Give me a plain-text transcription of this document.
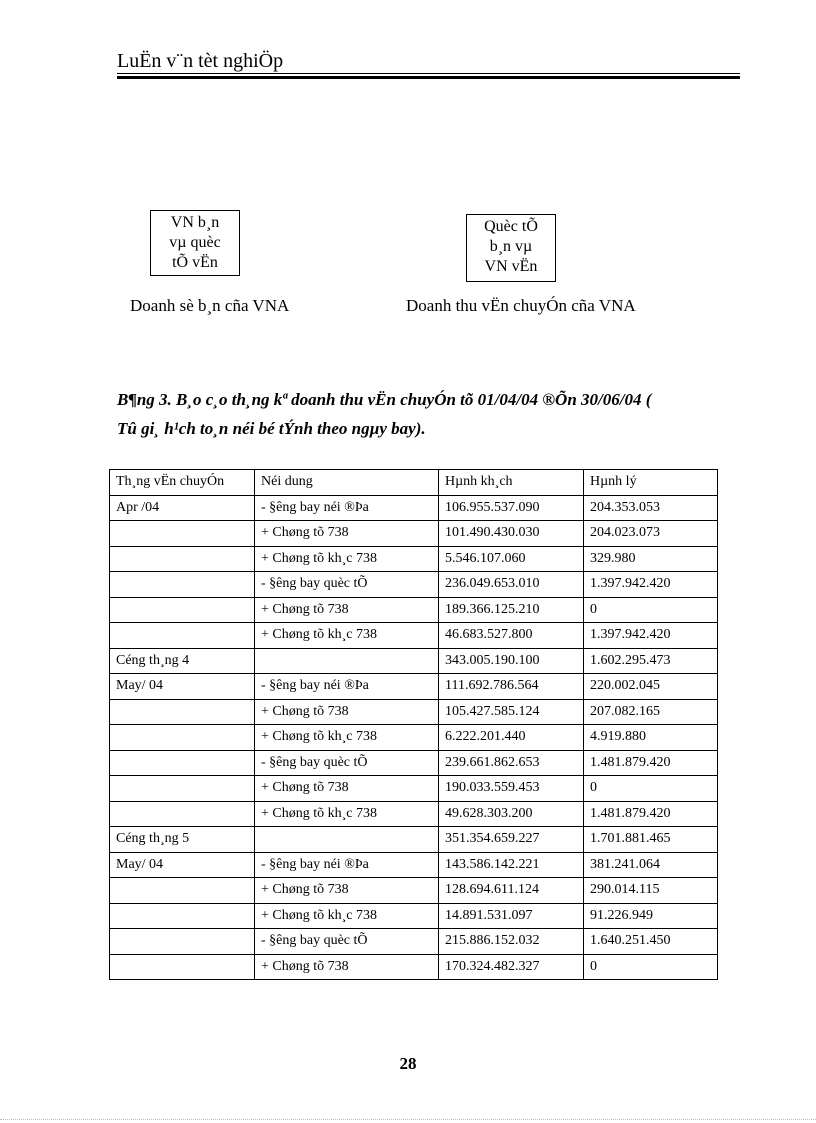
LuËn v¨n tèt nghiÖp
VN b¸n
vµ quèc
tÕ vËn
Quèc tÕ
b¸n vµ
VN vËn
Doanh sè b¸n cña VNA	Doanh thu vËn chuyÓn cña VNA
B¶ng 3. B¸o c¸o th¸ng kª doanh thu vËn chuyÓn tõ 01/04/04 ®Õn 30/06/04 (
Tû gi¸ h¹ch to¸n néi bé tÝnh theo ngµy bay).
Th¸ng vËn chuyÓn	Néi dung	Hµnh kh¸ch	Hµnh lý
Apr /04	- §êng bay néi ®Þa	106.955.537.090	204.353.053
	+ Chøng tõ 738	101.490.430.030	204.023.073
	+ Chøng tõ kh¸c 738	5.546.107.060	329.980
	- §êng bay quèc tÕ	236.049.653.010	1.397.942.420
	+ Chøng tõ 738	189.366.125.210	0
	+ Chøng tõ kh¸c 738	46.683.527.800	1.397.942.420
Céng th¸ng 4		343.005.190.100	1.602.295.473
May/ 04	- §êng bay néi ®Þa	111.692.786.564	220.002.045
	+ Chøng tõ 738	105.427.585.124	207.082.165
	+ Chøng tõ kh¸c 738	6.222.201.440	4.919.880
	- §êng bay quèc tÕ	239.661.862.653	1.481.879.420
	+ Chøng tõ 738	190.033.559.453	0
	+ Chøng tõ kh¸c 738	49.628.303.200	1.481.879.420
Céng th¸ng 5		351.354.659.227	1.701.881.465
May/ 04	- §êng bay néi ®Þa	143.586.142.221	381.241.064
	+ Chøng tõ 738	128.694.611.124	290.014.115
	+ Chøng tõ kh¸c 738	14.891.531.097	91.226.949
	- §êng bay quèc tÕ	215.886.152.032	1.640.251.450
	+ Chøng tõ 738	170.324.482.327	0
28
